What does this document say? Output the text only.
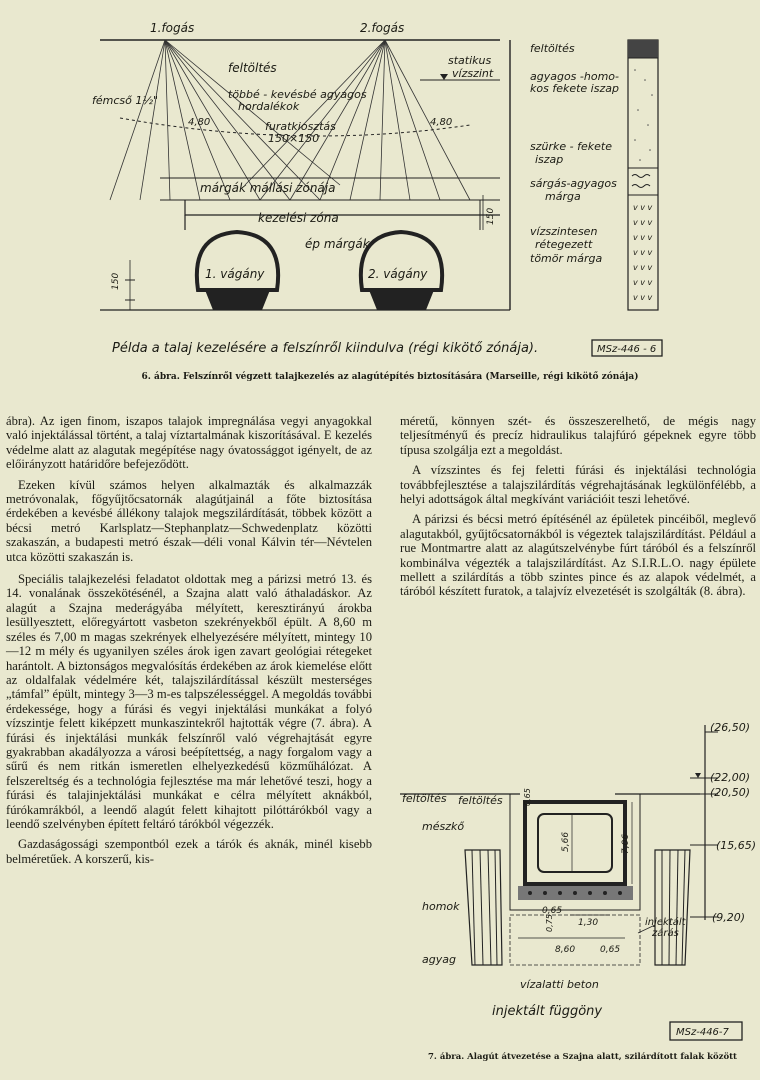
v v v
v v v
v v v
v v v
v v v
v v v
v v v
1.fogás	2.fogás
feltöltés
statikus
vízszint
fémcső 1½"	többé - kevésbé agyagos
hordalékok
4,80	4,80
furatkiosztás
150×150
márgák mállási zónája
kezelési zóna
ép márgák
150
150
1. vágány	2. vágány
feltöltés
agyagos -homo-
kos fekete iszap
szürke - fekete
iszap
sárgás-agyagos
márga
vízszintesen
rétegezett
tömör márga
Példa a talaj kezelésére a felszínről kiindulva (régi kikötő zónája).	MSz-446 - 6
6. ábra. Felszínről végzett talajkezelés az alagútépítés biztosítására (Marseille, régi kikötő zónája)

ábra). Az igen finom, iszapos talajok impregnálása vegyi anyagokkal való injektálással történt, a talaj víztartalmának kiszorításával. E kezelés védelme alatt az alagutak megépítése nagy óvatossággot igényelt, de az előirányzott határidőre befejeződött.

Ezeken kívül számos helyen alkalmazták és alkalmazzák metróvonalak, főgyűjtőcsatornák alagútjainál a főte biztosítása érdekében a kevésbé állékony talajok megszilárdítását, többek között a bécsi metró Karlsplatz—Stephanplatz—Schwedenplatz közötti szakaszán, a budapesti metró észak—déli vonal Kálvin tér—Névtelen utca közötti szakaszán is.

Speciális talajkezelési feladatot oldottak meg a párizsi metró 13. és 14. vonalának összekötésénél, a Szajna alatt való áthaladáskor. Az alagút a Szajna mederágyába mélyített, keresztirányú árokba lesüllyesztett, előregyártott vasbeton szekrényekből épült. A 8,60 m széles és 7,00 m magas szekrények elhelyezésére mélyített, mintegy 10—12 m mély és ugyanilyen széles árok igen zavart geológiai rétegeket harántolt. A biztonságos megvalósítás érdekében az árok kiemelése előtt az oldalfalak védelmére két, talajszilárdítással készült mesterséges „támfal” épült, mintegy 3—3 m-es talpszélességgel. A megoldás további érdekessége, hogy a fúrási és vegyi injektálási munkákat a folyó vízszintje felett kiképzett munkaszintekről hajtották végre (7. ábra). A fúrási és injektálási munkák felszínről való végrehajtását egyre gyakrabban akadályozza a városi beépítettség, a nagy forgalom vagy a sűrű és nem ritkán ismeretlen elhelyezkedésű közműhálózat. A felszereltség és a technológia fejlesztése ma már lehetővé teszi, hogy a fúrási és talajinjektálási munkákat e célra mélyített aknákból, fúrókamrákból, a leendő alagút felett kihajtott pilóttárókból vagy a leendő szelvényben épített feltáró tárókból végezzék.

Gazdaságossági szempontból ezek a tárók és aknák, minél kisebb belméretűek. A korszerű, kis-

méretű, könnyen szét- és összeszerelhető, de mégis nagy teljesítményű és precíz hidraulikus talajfúró gépeknek egyre több típusa szolgálja ezt a megoldást.

A vízszintes és fej feletti fúrási és injektálási technológia továbbfejlesztése a talajszilárdítás végrehajtásának legkülönfélébb, a helyi adottságok által megkívánt variációit teszi lehetővé.

A párizsi és bécsi metró építésénél az épületek pincéiből, meglevő alagutakból, gyűjtőcsatornákból is végeztek talajszilárdítást. Például a rue Montmartre alatt az alagútszelvénybe fúrt táróból és a felszínről kombinálva végezték a talajszilárdítást. Az S.I.R.L.O. nagy épülete mellett a szilárdítás a több szintes pince és az alapok védelmét, a táróból készített furatok, a talajvíz elvezetését is szolgálták (8. ábra).

(26,50)
(22,00)
(20,50)
(15,65)
(9,20)
feltöltés feltöltés
mészkő
homok
agyag
vízalatti beton
injektált függöny
injektált
zárás
0,65
5,66	7,06
0,65
1,30
0,75
8,60	0,65
MSz-446-7
7. ábra. Alagút átvezetése a Szajna alatt, szilárdított falak között
